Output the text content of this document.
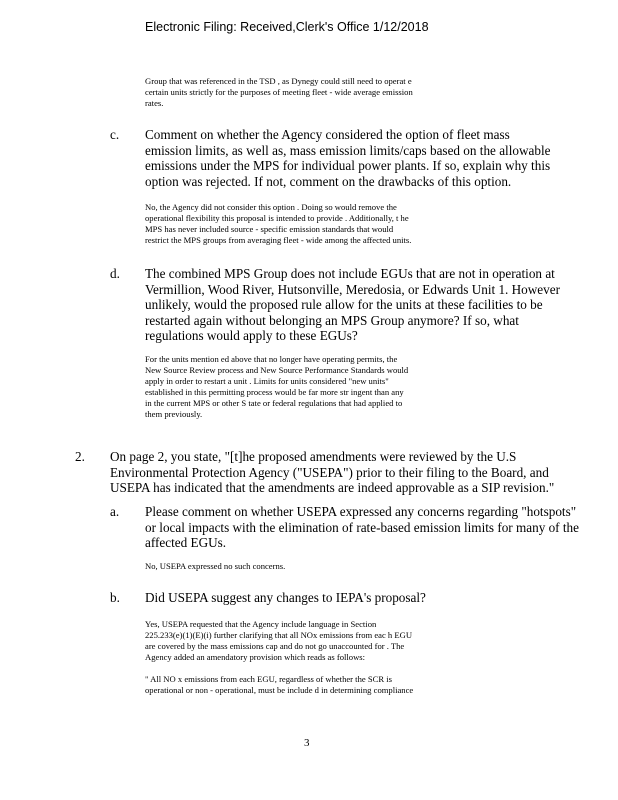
Electronic Filing: Received,Clerk's Office 1/12/2018
Group that was referenced in the TSD , as Dynegy could still need to operat e
certain units strictly for the purposes of meeting fleet - wide average emission
rates.
c. Comment on whether the Agency considered the option of fleet mass
emission limits, as well as, mass emission limits/caps based on the allowable
emissions under the MPS for individual power plants. If so, explain why this
option was rejected. If not, comment on the drawbacks of this option.
No, the Agency did not consider this option . Doing so would remove the
operational flexibility this proposal is intended to provide . Additionally, t he
MPS has never included source - specific emission standards that would
restrict the MPS groups from averaging fleet - wide among the affected units.
d. The combined MPS Group does not include EGUs that are not in operation at
Vermillion, Wood River, Hutsonville, Meredosia, or Edwards Unit 1. However
unlikely, would the proposed rule allow for the units at these facilities to be
restarted again without belonging an MPS Group anymore? If so, what
regulations would apply to these EGUs?
For the units mention ed above that no longer have operating permits, the
New Source Review process and New Source Performance Standards would
apply in order to restart a unit . Limits for units considered "new units"
established in this permitting process would be far more str ingent than any
in the current MPS or other S tate or federal regulations that had applied to
them previously.
2. On page 2, you state, "[t]he proposed amendments were reviewed by the U.S
Environmental Protection Agency ("USEPA") prior to their filing to the Board, and
USEPA has indicated that the amendments are indeed approvable as a SIP revision."
a. Please comment on whether USEPA expressed any concerns regarding "hotspots"
or local impacts with the elimination of rate-based emission limits for many of the
affected EGUs.
No, USEPA expressed no such concerns.
b. Did USEPA suggest any changes to IEPA's proposal?
Yes, USEPA requested that the Agency include language in Section
225.233(e)(1)(E)(i) further clarifying that all NOx emissions from eac h EGU
are covered by the mass emissions cap and do not go unaccounted for . The
Agency added an amendatory provision which reads as follows:
" All NO x emissions from each EGU, regardless of whether the SCR is
operational or non - operational, must be include d in determining compliance
3
